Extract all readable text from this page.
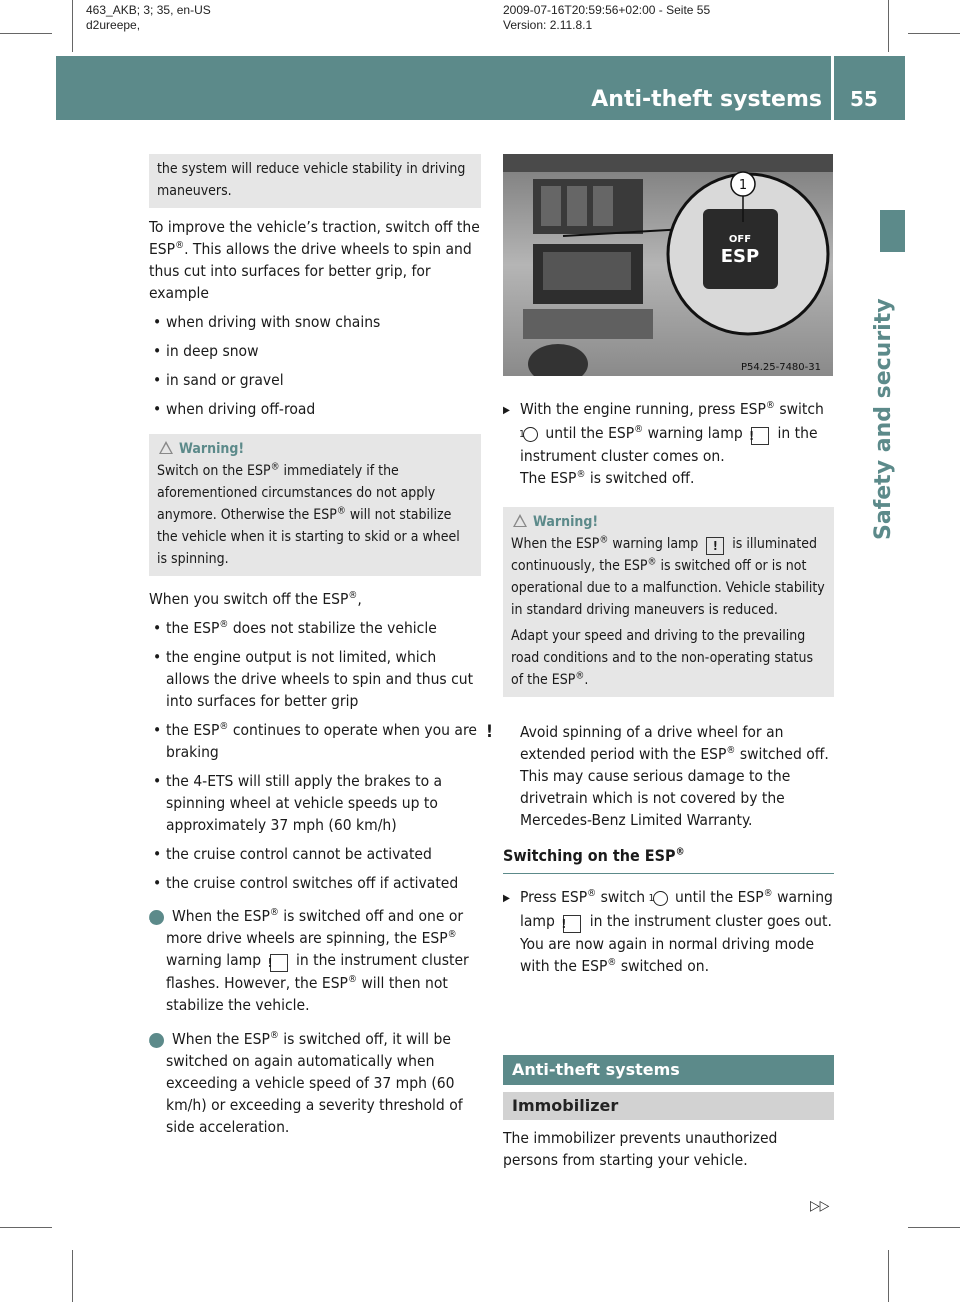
463_AKB; 3; 35, en-US
d2ureepe,
2009-07-16T20:59:56+02:00 - Seite 55
Version: 2.11.8.1
Anti-theft systems 55
Safety and security

the system will reduce vehicle stability in driving maneuvers.

To improve the vehicle’s traction, switch off the ESP®. This allows the drive wheels to spin and thus cut into surfaces for better grip, for example

• when driving with snow chains

• in deep snow

• in sand or gravel

• when driving off-road

Warning!

Switch on the ESP® immediately if the aforementioned circumstances do not apply anymore. Otherwise the ESP® will not stabilize the vehicle when it is starting to skid or a wheel is spinning.

When you switch off the ESP®,

• the ESP® does not stabilize the vehicle

• the engine output is not limited, which allows the drive wheels to spin and thus cut into surfaces for better grip

• the ESP® continues to operate when you are braking

• the 4-ETS will still apply the brakes to a spinning wheel at vehicle speeds up to approximately 37 mph (60 km/h)

• the cruise control cannot be activated

• the cruise control switches off if activated

i When the ESP® is switched off and one or more drive wheels are spinning, the ESP® warning lamp ! in the instrument cluster flashes. However, the ESP® will then not stabilize the vehicle.

i When the ESP® is switched off, it will be switched on again automatically when exceeding a vehicle speed of 37 mph (60 km/h) or exceeding a severity threshold of side acceleration.

OFF
ESP
1
P54.25-7480-31

▶ With the engine running, press ESP® switch 1 until the ESP® warning lamp ! in the instrument cluster comes on.

The ESP® is switched off.

Warning!

When the ESP® warning lamp ! is illuminated continuously, the ESP® is switched off or is not operational due to a malfunction. Vehicle stability in standard driving maneuvers is reduced.

Adapt your speed and driving to the prevailing road conditions and to the non-operating status of the ESP®.

! Avoid spinning of a drive wheel for an extended period with the ESP® switched off. This may cause serious damage to the drivetrain which is not covered by the Mercedes-Benz Limited Warranty.

Switching on the ESP®

▶ Press ESP® switch 1 until the ESP® warning lamp ! in the instrument cluster goes out.

You are now again in normal driving mode with the ESP® switched on.

Anti-theft systems
Immobilizer

The immobilizer prevents unauthorized persons from starting your vehicle.

▷▷
